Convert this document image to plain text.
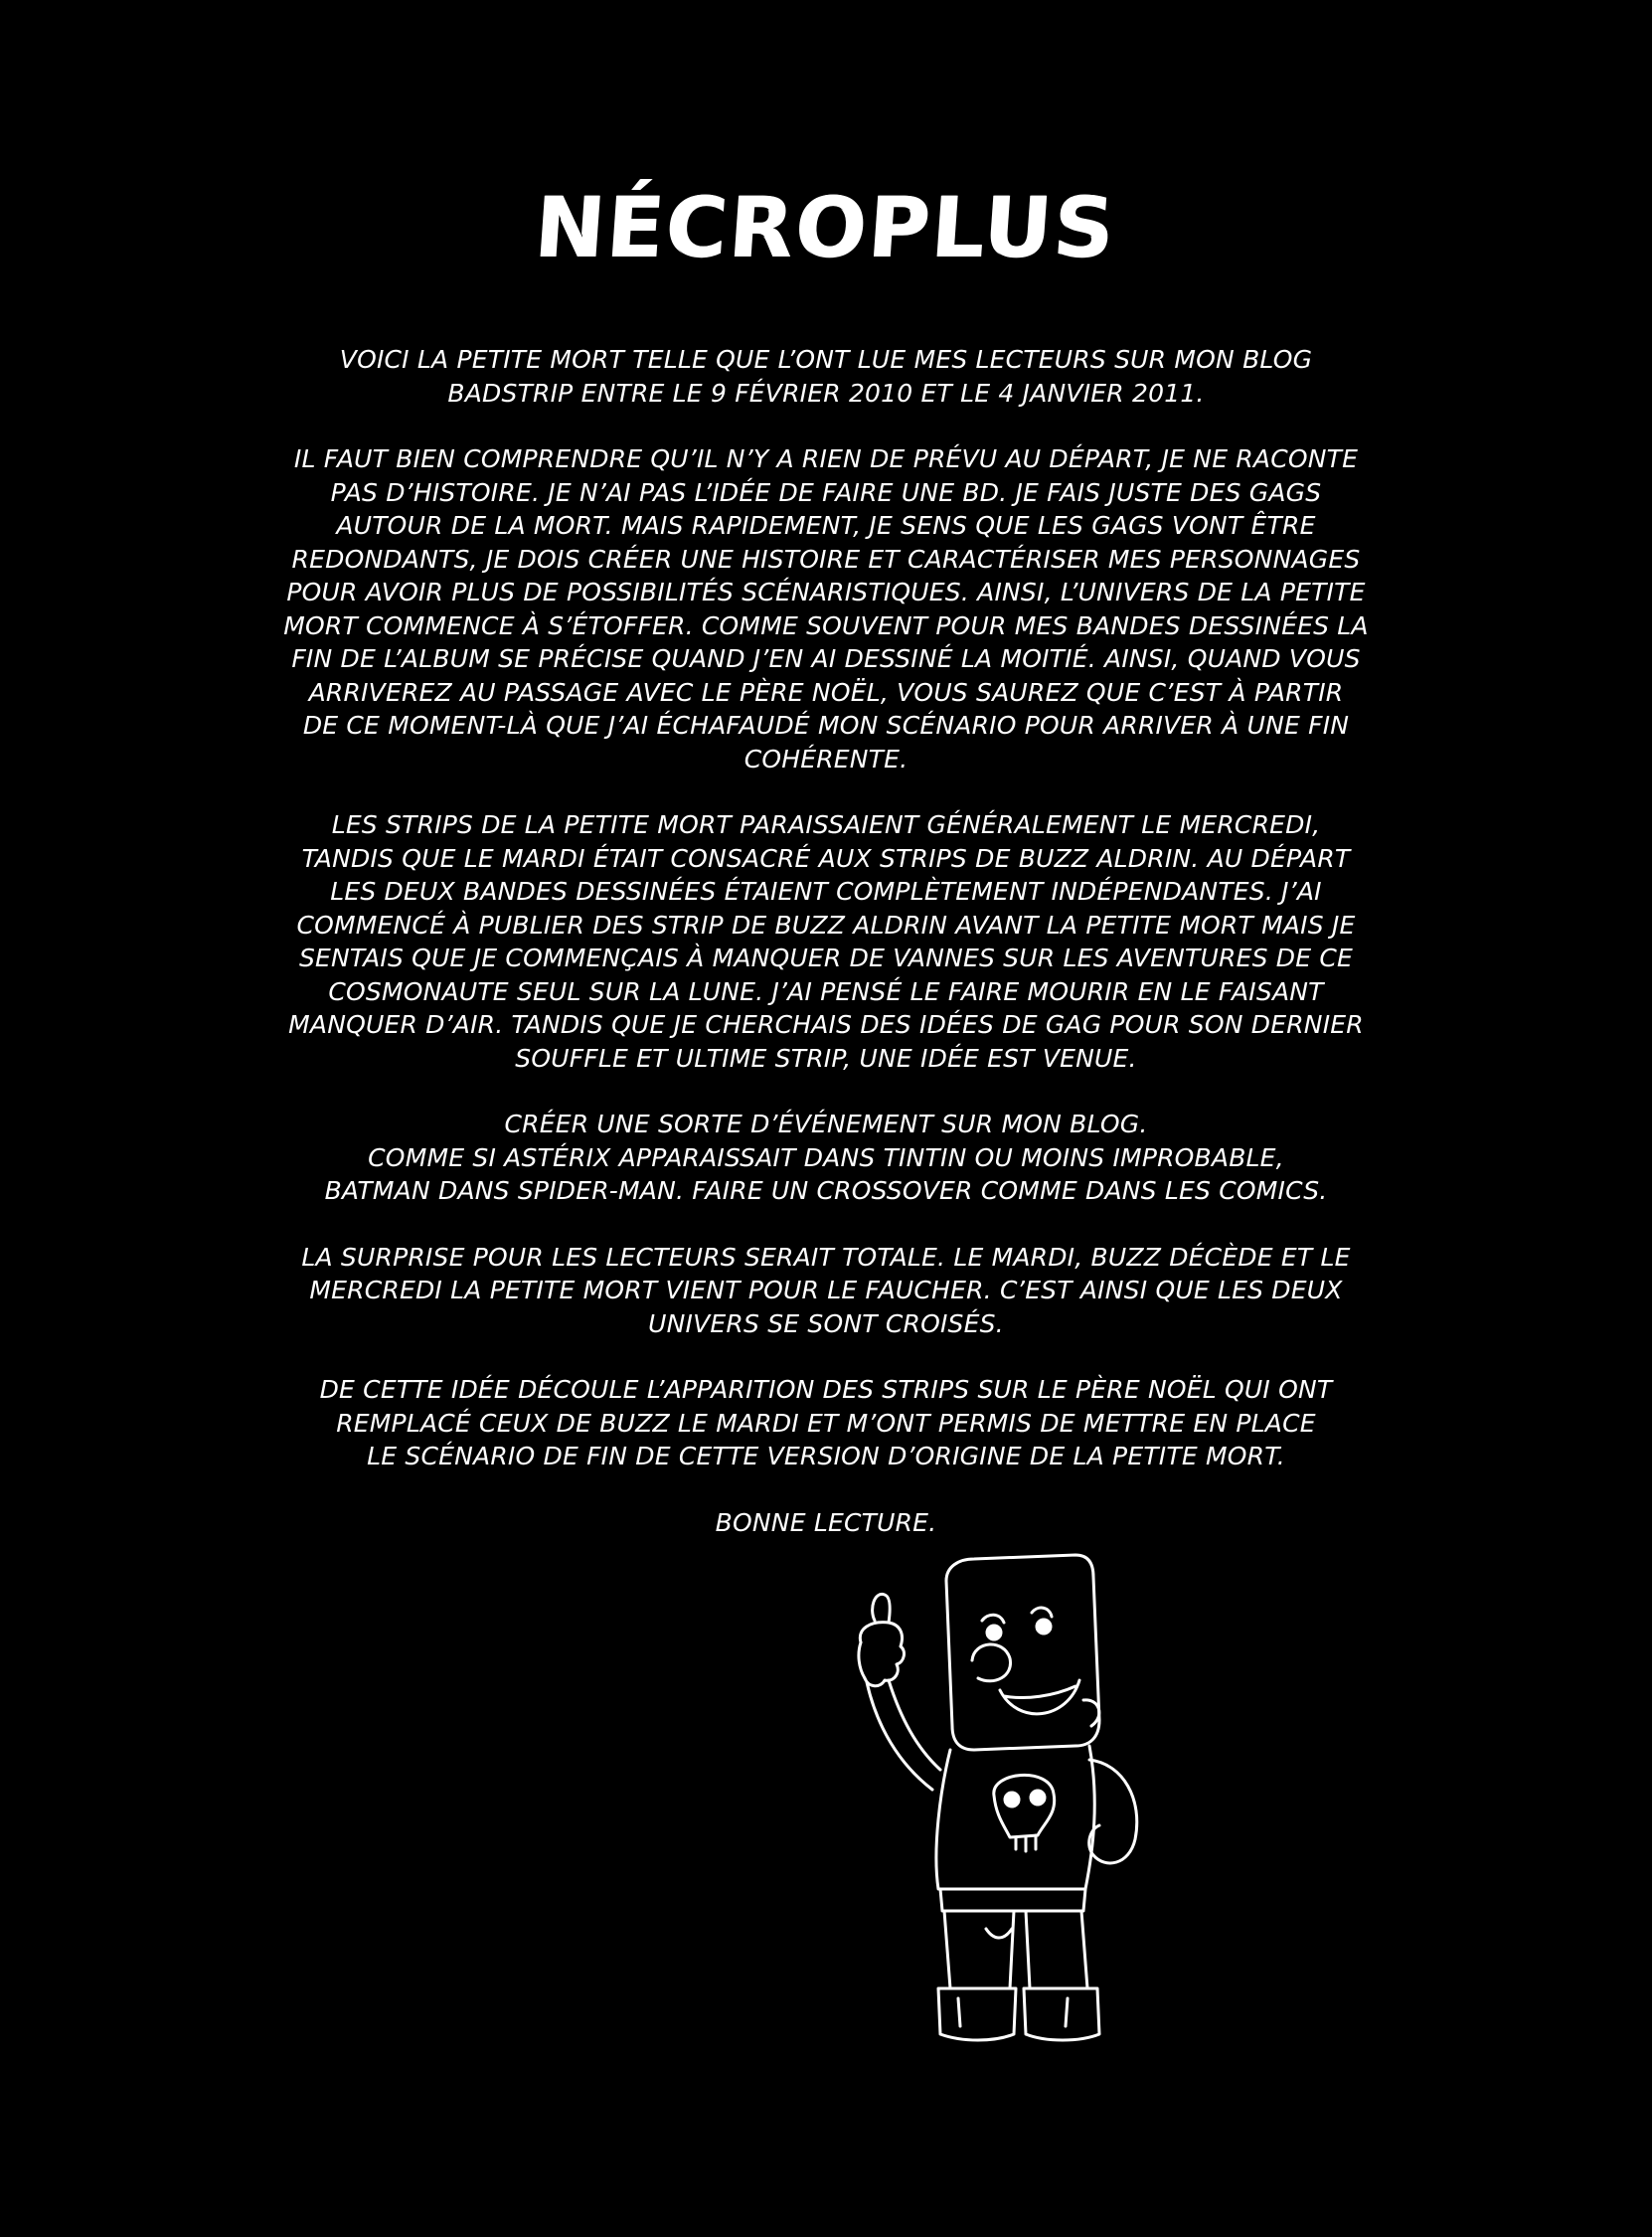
NÉCROPLUS

VOICI LA PETITE MORT TELLE QUE L’ONT LUE MES LECTEURS SUR MON BLOG
BADSTRIP ENTRE LE 9 FÉVRIER 2010 ET LE 4 JANVIER 2011.

IL FAUT BIEN COMPRENDRE QU’IL N’Y A RIEN DE PRÉVU AU DÉPART, JE NE RACONTE
PAS D’HISTOIRE. JE N’AI PAS L’IDÉE DE FAIRE UNE BD. JE FAIS JUSTE DES GAGS
AUTOUR DE LA MORT. MAIS RAPIDEMENT, JE SENS QUE LES GAGS VONT ÊTRE
REDONDANTS, JE DOIS CRÉER UNE HISTOIRE ET CARACTÉRISER MES PERSONNAGES
POUR AVOIR PLUS DE POSSIBILITÉS SCÉNARISTIQUES. AINSI, L’UNIVERS DE LA PETITE
MORT COMMENCE À S’ÉTOFFER. COMME SOUVENT POUR MES BANDES DESSINÉES LA
FIN DE L’ALBUM SE PRÉCISE QUAND J’EN AI DESSINÉ LA MOITIÉ. AINSI, QUAND VOUS
ARRIVEREZ AU PASSAGE AVEC LE PÈRE NOËL, VOUS SAUREZ QUE C’EST À PARTIR
DE CE MOMENT-LÀ QUE J’AI ÉCHAFAUDÉ MON SCÉNARIO POUR ARRIVER À UNE FIN
COHÉRENTE.

LES STRIPS DE LA PETITE MORT PARAISSAIENT GÉNÉRALEMENT LE MERCREDI,
TANDIS QUE LE MARDI ÉTAIT CONSACRÉ AUX STRIPS DE BUZZ ALDRIN. AU DÉPART
LES DEUX BANDES DESSINÉES ÉTAIENT COMPLÈTEMENT INDÉPENDANTES. J’AI
COMMENCÉ À PUBLIER DES STRIP DE BUZZ ALDRIN AVANT LA PETITE MORT MAIS JE
SENTAIS QUE JE COMMENÇAIS À MANQUER DE VANNES SUR LES AVENTURES DE CE
COSMONAUTE SEUL SUR LA LUNE. J’AI PENSÉ LE FAIRE MOURIR EN LE FAISANT
MANQUER D’AIR. TANDIS QUE JE CHERCHAIS DES IDÉES DE GAG POUR SON DERNIER
SOUFFLE ET ULTIME STRIP, UNE IDÉE EST VENUE.

CRÉER UNE SORTE D’ÉVÉNEMENT SUR MON BLOG.
COMME SI ASTÉRIX APPARAISSAIT DANS TINTIN OU MOINS IMPROBABLE,
BATMAN DANS SPIDER-MAN. FAIRE UN CROSSOVER COMME DANS LES COMICS.

LA SURPRISE POUR LES LECTEURS SERAIT TOTALE. LE MARDI, BUZZ DÉCÈDE ET LE
MERCREDI LA PETITE MORT VIENT POUR LE FAUCHER. C’EST AINSI QUE LES DEUX
UNIVERS SE SONT CROISÉS.

DE CETTE IDÉE DÉCOULE L’APPARITION DES STRIPS SUR LE PÈRE NOËL QUI ONT
REMPLACÉ CEUX DE BUZZ LE MARDI ET M’ONT PERMIS DE METTRE EN PLACE
LE SCÉNARIO DE FIN DE CETTE VERSION D’ORIGINE DE LA PETITE MORT.

BONNE LECTURE.
